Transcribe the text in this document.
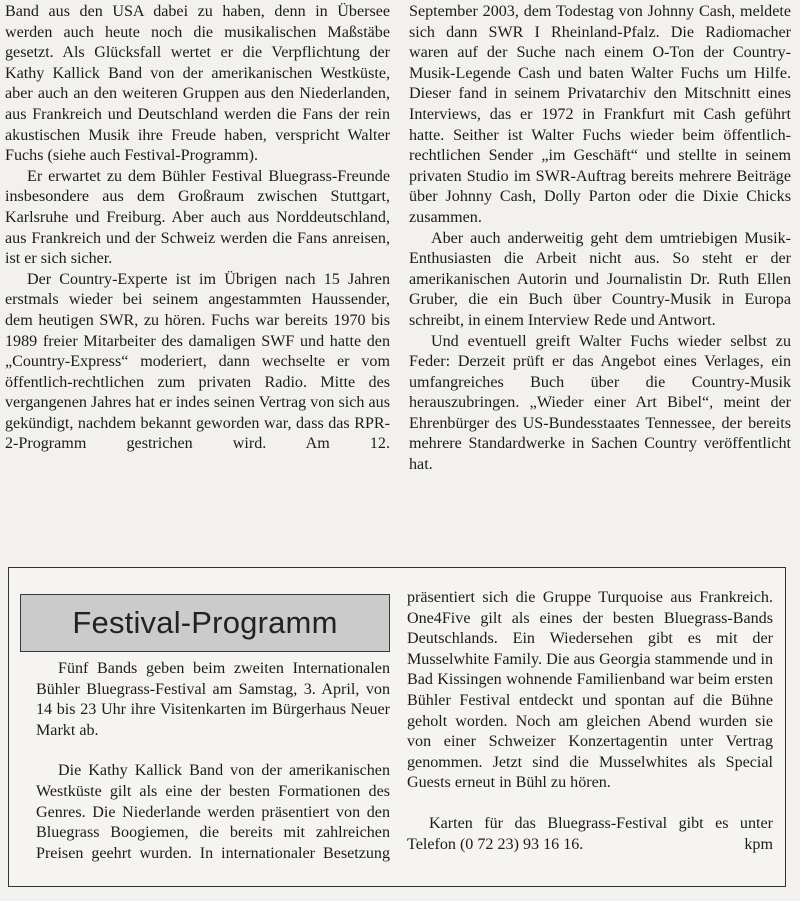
Band aus den USA dabei zu haben, denn in Übersee werden auch heute noch die musikalischen Maßstäbe gesetzt. Als Glücksfall wertet er die Verpflichtung der Kathy Kallick Band von der amerikanischen Westküste, aber auch an den weiteren Gruppen aus den Niederlanden, aus Frankreich und Deutschland werden die Fans der rein akustischen Musik ihre Freude haben, verspricht Walter Fuchs (siehe auch Festival-Programm).

Er erwartet zu dem Bühler Festival Bluegrass-Freunde insbesondere aus dem Großraum zwischen Stuttgart, Karlsruhe und Freiburg. Aber auch aus Norddeutschland, aus Frankreich und der Schweiz werden die Fans anreisen, ist er sich sicher.

Der Country-Experte ist im Übrigen nach 15 Jahren erstmals wieder bei seinem angestammten Haussender, dem heutigen SWR, zu hören. Fuchs war bereits 1970 bis 1989 freier Mitarbeiter des damaligen SWF und hatte den „Country-Express“ moderiert, dann wechselte er vom öffentlich-rechtlichen zum privaten Radio. Mitte des vergangenen Jahres hat er indes seinen Vertrag von sich aus gekündigt, nachdem bekannt geworden war, dass das RPR-2-Programm gestrichen wird. Am 12.

September 2003, dem Todestag von Johnny Cash, meldete sich dann SWR I Rheinland-Pfalz. Die Radiomacher waren auf der Suche nach einem O-Ton der Country-Musik-Legende Cash und baten Walter Fuchs um Hilfe. Dieser fand in seinem Privatarchiv den Mitschnitt eines Interviews, das er 1972 in Frankfurt mit Cash geführt hatte. Seither ist Walter Fuchs wieder beim öffentlich-rechtlichen Sender „im Geschäft“ und stellte in seinem privaten Studio im SWR-Auftrag bereits mehrere Beiträge über Johnny Cash, Dolly Parton oder die Dixie Chicks zusammen.

Aber auch anderweitig geht dem umtriebigen Musik-Enthusiasten die Arbeit nicht aus. So steht er der amerikanischen Autorin und Journalistin Dr. Ruth Ellen Gruber, die ein Buch über Country-Musik in Europa schreibt, in einem Interview Rede und Antwort.

Und eventuell greift Walter Fuchs wieder selbst zu Feder: Derzeit prüft er das Angebot eines Verlages, ein umfangreiches Buch über die Country-Musik herauszubringen. „Wieder einer Art Bibel“, meint der Ehrenbürger des US-Bundesstaates Tennessee, der bereits mehrere Standardwerke in Sachen Country veröffentlicht hat.

Festival-Programm

Fünf Bands geben beim zweiten Internationalen Bühler Bluegrass-Festival am Samstag, 3. April, von 14 bis 23 Uhr ihre Visitenkarten im Bürgerhaus Neuer Markt ab.

Die Kathy Kallick Band von der amerikanischen Westküste gilt als eine der besten Formationen des Genres. Die Niederlande werden präsentiert von den Bluegrass Boogiemen, die bereits mit zahlreichen Preisen geehrt wurden. In internationaler Besetzung

präsentiert sich die Gruppe Turquoise aus Frankreich. One4Five gilt als eines der besten Bluegrass-Bands Deutschlands. Ein Wiedersehen gibt es mit der Musselwhite Family. Die aus Georgia stammende und in Bad Kissingen wohnende Familienband war beim ersten Bühler Festival entdeckt und spontan auf die Bühne geholt worden. Noch am gleichen Abend wurden sie von einer Schweizer Konzertagentin unter Vertrag genommen. Jetzt sind die Musselwhites als Special Guests erneut in Bühl zu hören.

Karten für das Bluegrass-Festival gibt es unter Telefon (0 72 23) 93 16 16.	kpm
